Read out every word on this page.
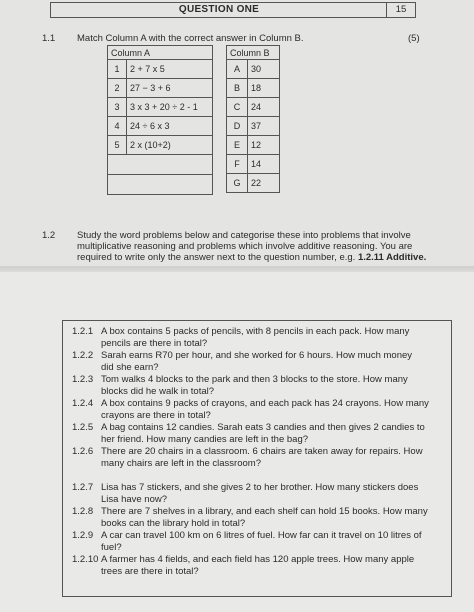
QUESTION ONE	15
1.1 Match Column A with the correct answer in Column B.	(5)
Column A	
1	2 + 7 x 5
2	27 − 3 + 6
3	3 x 3 + 20 ÷ 2 - 1
4	24 ÷ 6 x 3
5	2 x (10+2)

Column B	
A	30
B	18
C	24
D	37
E	12
F	14
G	22
1.2 Study the word problems below and categorise these into problems that involve
multiplicative reasoning and problems which involve additive reasoning. You are
required to write only the answer next to the question number, e.g. 1.2.11 Additive.
1.2.1 A box contains 5 packs of pencils, with 8 pencils in each pack. How many
pencils are there in total?
1.2.2 Sarah earns R70 per hour, and she worked for 6 hours. How much money
did she earn?
1.2.3 Tom walks 4 blocks to the park and then 3 blocks to the store. How many
blocks did he walk in total?
1.2.4 A box contains 9 packs of crayons, and each pack has 24 crayons. How many
crayons are there in total?
1.2.5 A bag contains 12 candies. Sarah eats 3 candies and then gives 2 candies to
her friend. How many candies are left in the bag?
1.2.6 There are 20 chairs in a classroom. 6 chairs are taken away for repairs. How
many chairs are left in the classroom?
1.2.7 Lisa has 7 stickers, and she gives 2 to her brother. How many stickers does
Lisa have now?
1.2.8 There are 7 shelves in a library, and each shelf can hold 15 books. How many
books can the library hold in total?
1.2.9 A car can travel 100 km on 6 litres of fuel. How far can it travel on 10 litres of
fuel?
1.2.10 A farmer has 4 fields, and each field has 120 apple trees. How many apple
trees are there in total?
